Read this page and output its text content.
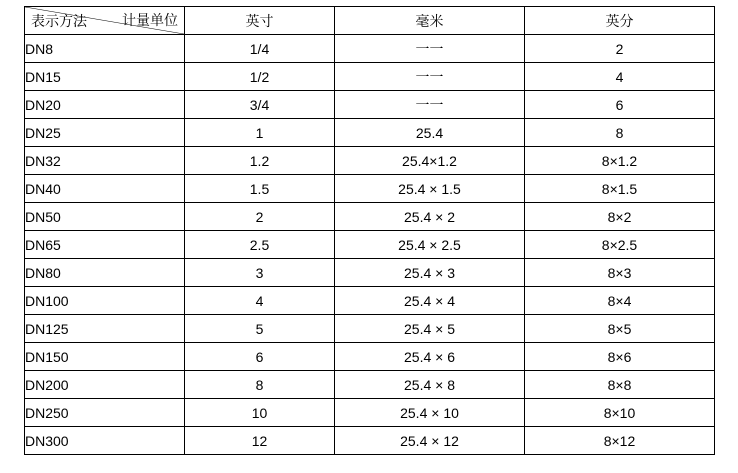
计量单位
表示方法	英寸	毫米	英分
DN8	1/4	一一	2
DN15	1/2	一一	4
DN20	3/4	一一	6
DN25	1	25.4	8
DN32	1.2	25.4×1.2	8×1.2
DN40	1.5	25.4 × 1.5	8×1.5
DN50	2	25.4 × 2	8×2
DN65	2.5	25.4 × 2.5	8×2.5
DN80	3	25.4 × 3	8×3
DN100	4	25.4 × 4	8×4
DN125	5	25.4 × 5	8×5
DN150	6	25.4 × 6	8×6
DN200	8	25.4 × 8	8×8
DN250	10	25.4 × 10	8×10
DN300	12	25.4 × 12	8×12
